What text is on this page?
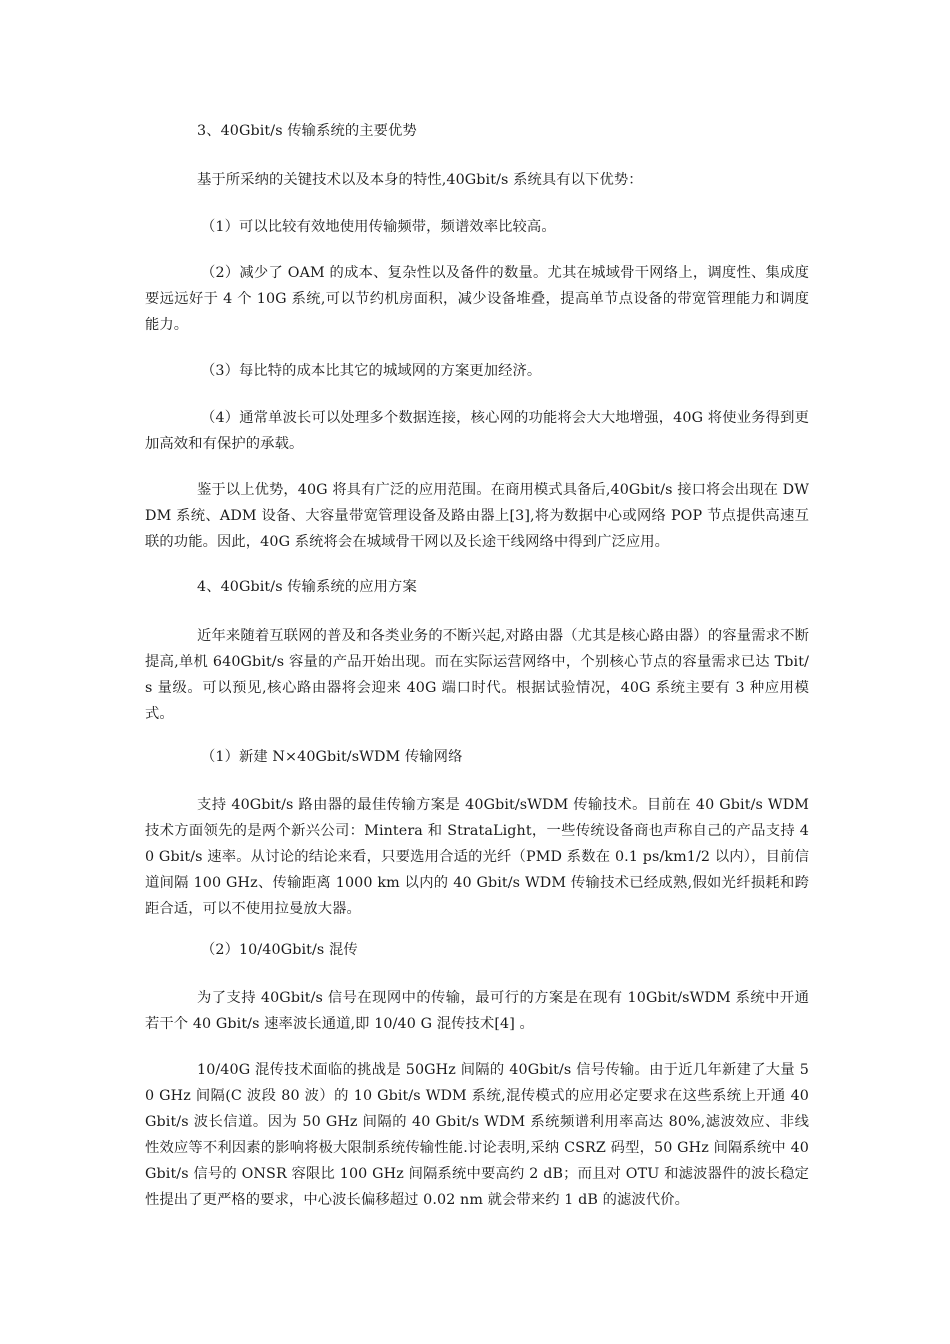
3、40Gbit/s 传输系统的主要优势

基于所采纳的关键技术以及本身的特性,40Gbit/s 系统具有以下优势：

（1）可以比较有效地使用传输频带，频谱效率比较高。

（2）减少了 OAM 的成本、复杂性以及备件的数量。尤其在城域骨干网络上，调度性、集成度要远远好于 4 个 10G 系统,可以节约机房面积，减少设备堆叠，提高单节点设备的带宽管理能力和调度能力。

（3）每比特的成本比其它的城域网的方案更加经济。

（4）通常单波长可以处理多个数据连接，核心网的功能将会大大地增强，40G 将使业务得到更加高效和有保护的承载。

鉴于以上优势，40G 将具有广泛的应用范围。在商用模式具备后,40Gbit/s 接口将会出现在 DWDM 系统、ADM 设备、大容量带宽管理设备及路由器上[3],将为数据中心或网络 POP 节点提供高速互联的功能。因此，40G 系统将会在城域骨干网以及长途干线网络中得到广泛应用。

4、40Gbit/s 传输系统的应用方案

近年来随着互联网的普及和各类业务的不断兴起,对路由器（尤其是核心路由器）的容量需求不断提高,单机 640Gbit/s 容量的产品开始出现。而在实际运营网络中，个别核心节点的容量需求已达 Tbit/s 量级。可以预见,核心路由器将会迎来 40G 端口时代。根据试验情况，40G 系统主要有 3 种应用模式。

（1）新建 N×40Gbit/sWDM 传输网络

支持 40Gbit/s 路由器的最佳传输方案是 40Gbit/sWDM 传输技术。目前在 40 Gbit/s WDM 技术方面领先的是两个新兴公司：Mintera 和 StrataLight，一些传统设备商也声称自己的产品支持 40 Gbit/s 速率。从讨论的结论来看，只要选用合适的光纤（PMD 系数在 0.1 ps/km1/2 以内），目前信道间隔 100 GHz、传输距离 1000 km 以内的 40 Gbit/s WDM 传输技术已经成熟,假如光纤损耗和跨距合适，可以不使用拉曼放大器。

（2）10/40Gbit/s 混传

为了支持 40Gbit/s 信号在现网中的传输，最可行的方案是在现有 10Gbit/sWDM 系统中开通若干个 40 Gbit/s 速率波长通道,即 10/40 G 混传技术[4] 。

10/40G 混传技术面临的挑战是 50GHz 间隔的 40Gbit/s 信号传输。由于近几年新建了大量 50 GHz 间隔(C 波段 80 波）的 10 Gbit/s WDM 系统,混传模式的应用必定要求在这些系统上开通 40 Gbit/s 波长信道。因为 50 GHz 间隔的 40 Gbit/s WDM 系统频谱利用率高达 80%,滤波效应、非线性效应等不利因素的影响将极大限制系统传输性能.讨论表明,采纳 CSRZ 码型，50 GHz 间隔系统中 40 Gbit/s 信号的 ONSR 容限比 100 GHz 间隔系统中要高约 2 dB；而且对 OTU 和滤波器件的波长稳定性提出了更严格的要求，中心波长偏移超过 0.02 nm 就会带来约 1 dB 的滤波代价。
